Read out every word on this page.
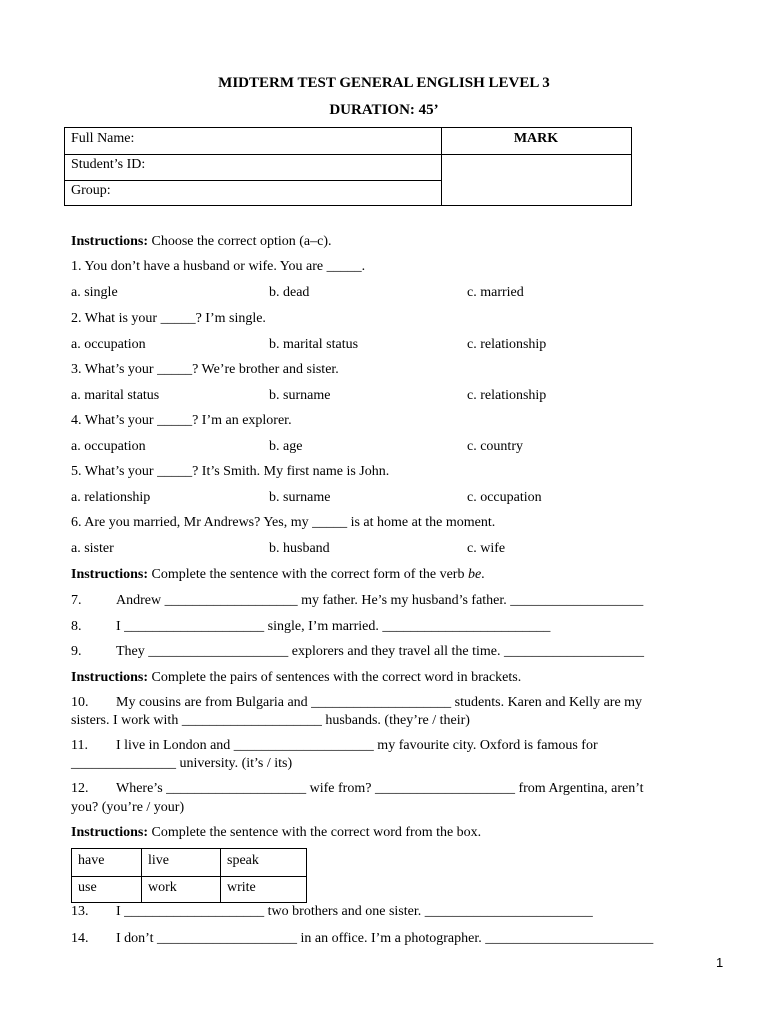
MIDTERM TEST GENERAL ENGLISH LEVEL 3
DURATION: 45’
Full Name:
Student’s ID:
Group:
MARK
Instructions: Choose the correct option (a–c).
1. You don’t have a husband or wife. You are _____.
a. single	b. dead	c. married
2. What is your _____? I’m single.
a. occupation	b. marital status	c. relationship
3. What’s your _____? We’re brother and sister.
a. marital status	b. surname	c. relationship
4. What’s your _____? I’m an explorer.
a. occupation	b. age	c. country
5. What’s your _____? It’s Smith. My first name is John.
a. relationship	b. surname	c. occupation
6. Are you married, Mr Andrews? Yes, my _____ is at home at the moment.
a. sister	b. husband	c. wife
Instructions: Complete the sentence with the correct form of the verb be.
7. Andrew ___________________ my father. He’s my husband’s father. ___________________
8. I ____________________ single, I’m married. ________________________
9. They ____________________ explorers and they travel all the time. ____________________
Instructions: Complete the pairs of sentences with the correct word in brackets.
10. My cousins are from Bulgaria and ____________________ students. Karen and Kelly are my
sisters. I work with ____________________ husbands. (they’re / their)
11. I live in London and ____________________ my favourite city. Oxford is famous for
_______________ university. (it’s / its)
12. Where’s ____________________ wife from? ____________________ from Argentina, aren’t
you? (you’re / your)
Instructions: Complete the sentence with the correct word from the box.
have	live	speak
use	work	write
13. I ____________________ two brothers and one sister. ________________________
14. I don’t ____________________ in an office. I’m a photographer. ________________________
1
